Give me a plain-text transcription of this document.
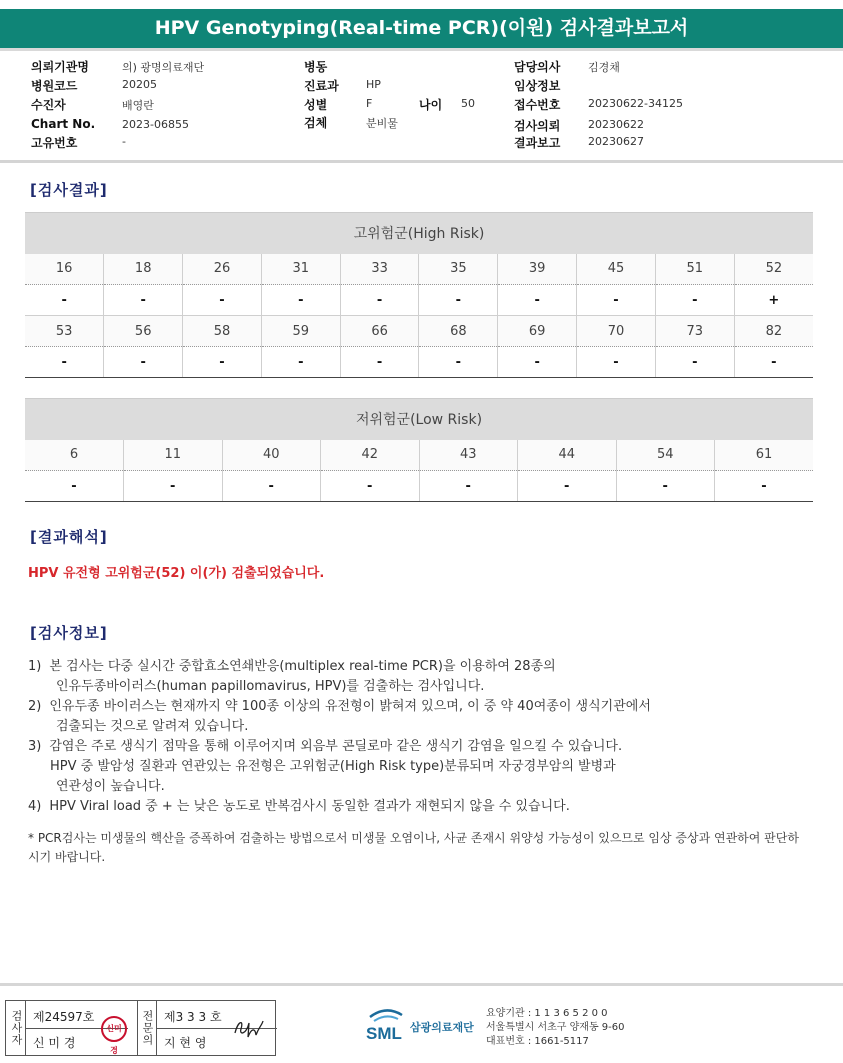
HPV Genotyping(Real-time PCR)(이원) 검사결과보고서
의뢰기관명	의) 광명의료재단
병원코드	20205
수진자	배영란
Chart No. 2023-06855
고유번호	-
병동
진료과 HP
성별	F
검체	분비물
나이 50
담당의사	김경채
임상정보
접수번호	20230622-34125
검사의뢰	20230622
결과보고	20230627
[검사결과]
고위험군(High Risk)									
16	18	26	31	33	35	39	45	51	52
-	-	-	-	-	-	-	-	-	+
53	56	58	59	66	68	69	70	73	82
-	-	-	-	-	-	-	-	-	-
저위험군(Low Risk)							
6	11	40	42	43	44	54	61
-	-	-	-	-	-	-	-
[결과해석]
HPV 유전형 고위험군(52) 이(가) 검출되었습니다.
[검사정보]
1) 본 검사는 다중 실시간 중합효소연쇄반응(multiplex real-time PCR)을 이용하여 28종의
인유두종바이러스(human papillomavirus, HPV)를 검출하는 검사입니다.
2) 인유두종 바이러스는 현재까지 약 100종 이상의 유전형이 밝혀져 있으며, 이 중 약 40여종이 생식기관에서
검출되는 것으로 알려져 있습니다.
3) 감염은 주로 생식기 점막을 통해 이루어지며 외음부 콘딜로마 같은 생식기 감염을 일으킬 수 있습니다.
HPV 중 발암성 질환과 연관있는 유전형은 고위험군(High Risk type)분류되며 자궁경부암의 발병과
연관성이 높습니다.
4) HPV Viral load 중 + 는 낮은 농도로 반복검사시 동일한 결과가 재현되지 않을 수 있습니다.
* PCR검사는 미생물의 핵산을 증폭하여 검출하는 방법으로서 미생물 오염이나, 사균 존재시 위양성 가능성이 있으므로 임상 증상과 연관하여 판단하시기 바랍니다.
검사자 제24597호
신 미 경
신미경
전문의 제3 3 3 호
지 현 영	SML 삼광의료재단
요양기관 : 1 1 3 6 5 2 0 0
서울특별시 서초구 양재동 9-60
대표번호 : 1661-5117
